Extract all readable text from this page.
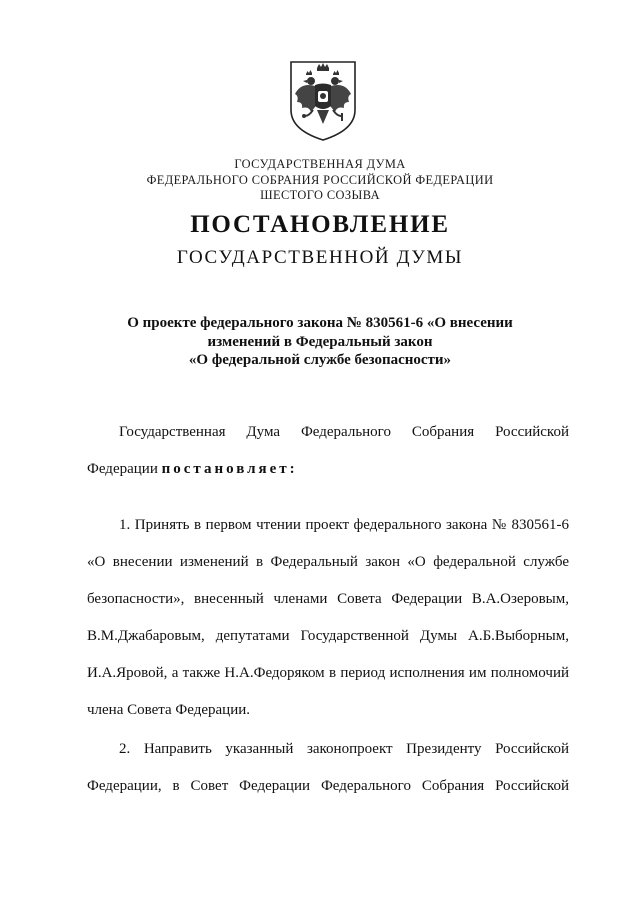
ГОСУДАРСТВЕННАЯ ДУМА
ФЕДЕРАЛЬНОГО СОБРАНИЯ РОССИЙСКОЙ ФЕДЕРАЦИИ
ШЕСТОГО СОЗЫВА
ПОСТАНОВЛЕНИЕ
ГОСУДАРСТВЕННОЙ ДУМЫ
О проекте федерального закона № 830561-6 «О внесении
изменений в Федеральный закон
«О федеральной службе безопасности»
Государственная Дума Федерального Собрания Российской
Федерации постановляет:
1. Принять в первом чтении проект федерального закона № 830561-6
«О внесении изменений в Федеральный закон «О федеральной службе
безопасности», внесенный членами Совета Федерации В.А.Озеровым,
В.М.Джабаровым, депутатами Государственной Думы А.Б.Выборным,
И.А.Яровой, а также Н.А.Федоряком в период исполнения им полномочий
члена Совета Федерации.
2. Направить указанный законопроект Президенту Российской
Федерации, в Совет Федерации Федерального Собрания Российской
